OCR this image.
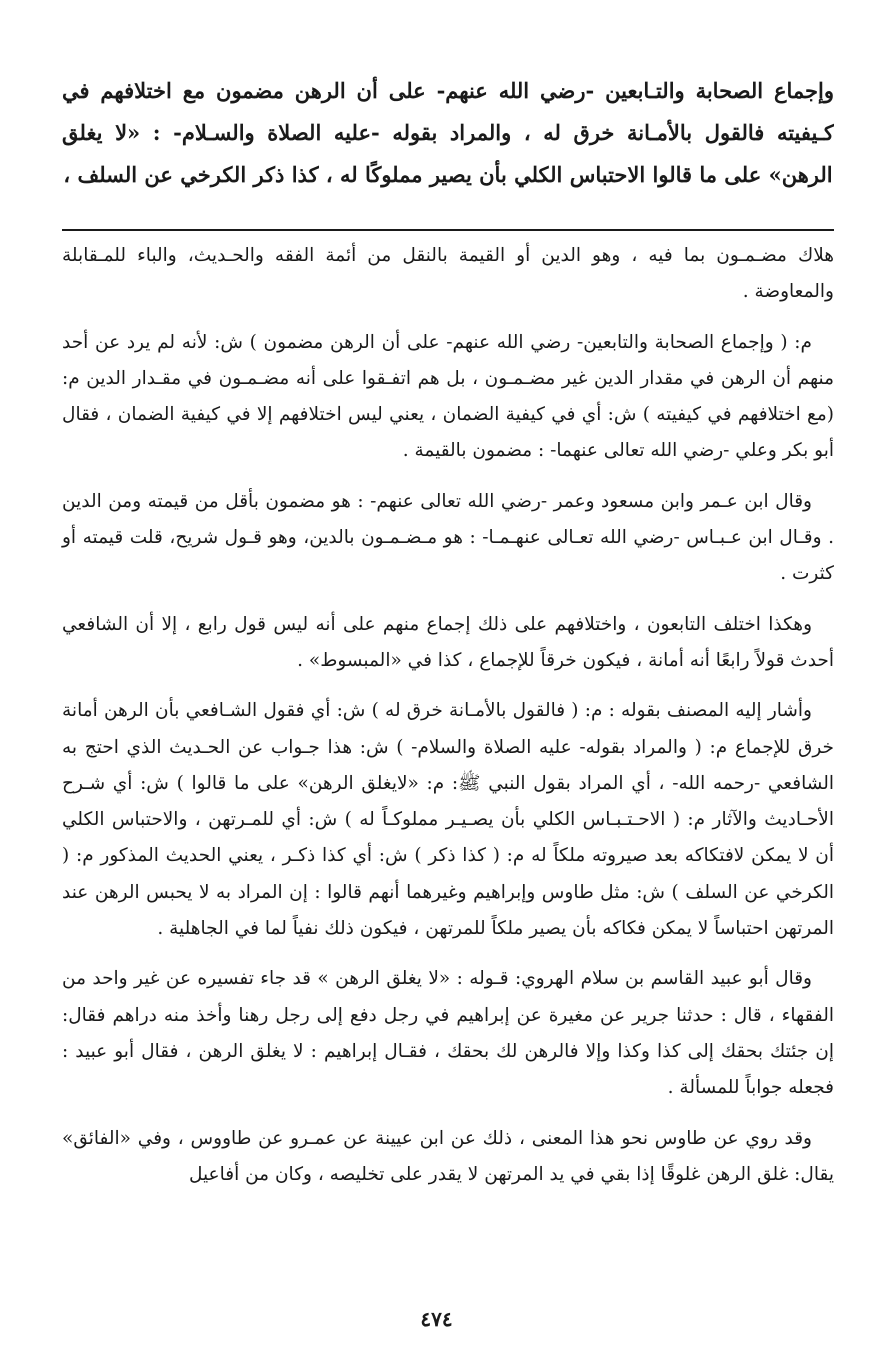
وإجماع الصحابة والتـابعين -رضي الله عنهم- على أن الرهن مضمون مع اختلافهم في كـيفيته فالقول بالأمـانة خرق له ، والمراد بقوله -عليه الصلاة والسـلام- : «لا يغلق الرهن» على ما قالوا الاحتباس الكلي بأن يصير مملوكًا له ، كذا ذكر الكرخي عن السلف ،

هلاك مضـمـون بما فيه ، وهو الدين أو القيمة بالنقل من أئمة الفقه والحـديث، والباء للمـقابلة والمعاوضة .

م: ( وإجماع الصحابة والتابعين- رضي الله عنهم- على أن الرهن مضمون ) ش: لأنه لم يرد عن أحد منهم أن الرهن في مقدار الدين غير مضـمـون ، بل هم اتفـقوا على أنه مضـمـون في مقـدار الدين م: (مع اختلافهم في كيفيته ) ش: أي في كيفية الضمان ، يعني ليس اختلافهم إلا في كيفية الضمان ، فقال أبو بكر وعلي -رضي الله تعالى عنهما- : مضمون بالقيمة .

وقال ابن عـمر وابن مسعود وعمر -رضي الله تعالى عنهم- : هو مضمون بأقل من قيمته ومن الدين . وقـال ابن عـبـاس -رضي الله تعـالى عنهـمـا- : هو مـضـمـون بالدين، وهو قـول شريح، قلت قيمته أو كثرت .

وهكذا اختلف التابعون ، واختلافهم على ذلك إجماع منهم على أنه ليس قول رابع ، إلا أن الشافعي أحدث قولاً رابعًا أنه أمانة ، فيكون خرقاً للإجماع ، كذا في «المبسوط» .

وأشار إليه المصنف بقوله : م: ( فالقول بالأمـانة خرق له ) ش: أي فقول الشـافعي بأن الرهن أمانة خرق للإجماع م: ( والمراد بقوله- عليه الصلاة والسلام- ) ش: هذا جـواب عن الحـديث الذي احتج به الشافعي -رحمه الله- ، أي المراد بقول النبي ﷺ: م: «لايغلق الرهن» على ما قالوا ) ش: أي شـرح الأحـاديث والآثار م: ( الاحـتـبـاس الكلي بأن يصـيـر مملوكـاً له ) ش: أي للمـرتهن ، والاحتباس الكلي أن لا يمكن لافتكاكه بعد صيروته ملكاً له م: ( كذا ذكر ) ش: أي كذا ذكـر ، يعني الحديث المذكور م: ( الكرخي عن السلف ) ش: مثل طاوس وإبراهيم وغيرهما أنهم قالوا : إن المراد به لا يحبس الرهن عند المرتهن احتباساً لا يمكن فكاكه بأن يصير ملكاً للمرتهن ، فيكون ذلك نفياً لما في الجاهلية .

وقال أبو عبيد القاسم بن سلام الهروي: قـوله : «لا يغلق الرهن » قد جاء تفسيره عن غير واحد من الفقهاء ، قال : حدثنا جرير عن مغيرة عن إبراهيم في رجل دفع إلى رجل رهنا وأخذ منه دراهم فقال: إن جئتك بحقك إلى كذا وكذا وإلا فالرهن لك بحقك ، فقـال إبراهيم : لا يغلق الرهن ، فقال أبو عبيد : فجعله جواباً للمسألة .

وقد روي عن طاوس نحو هذا المعنى ، ذلك عن ابن عيينة عن عمـرو عن طاووس ، وفي «الفائق» يقال: غلق الرهن غلوقًا إذا بقي في يد المرتهن لا يقدر على تخليصه ، وكان من أفاعيل

٤٧٤
